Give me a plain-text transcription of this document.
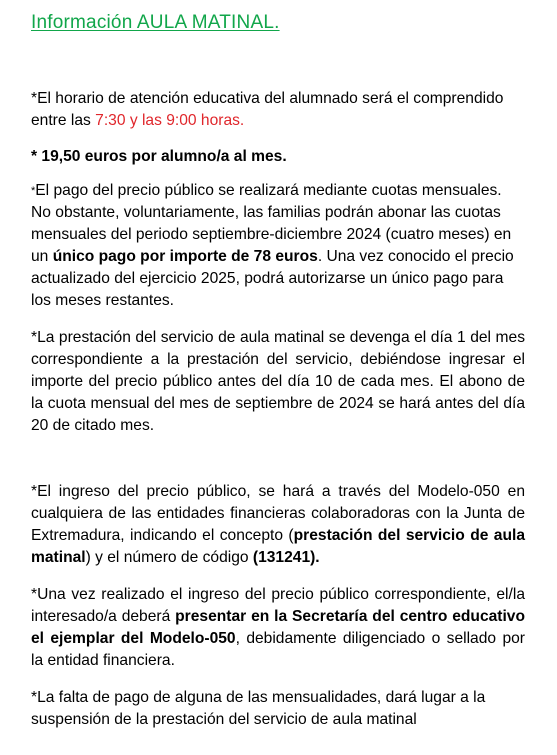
Información AULA MATINAL.

*El horario de atención educativa del alumnado será el comprendido entre las 7:30 y las 9:00 horas.

* 19,50 euros por alumno/a al mes.

*El pago del precio público se realizará mediante cuotas mensuales. No obstante, voluntariamente, las familias podrán abonar las cuotas mensuales del periodo septiembre-diciembre 2024 (cuatro meses) en un único pago por importe de 78 euros. Una vez conocido el precio actualizado del ejercicio 2025, podrá autorizarse un único pago para los meses restantes.

*La prestación del servicio de aula matinal se devenga el día 1 del mes correspondiente a la prestación del servicio, debiéndose ingresar el importe del precio público antes del día 10 de cada mes. El abono de la cuota mensual del mes de septiembre de 2024 se hará antes del día 20 de citado mes.

*El ingreso del precio público, se hará a través del Modelo-050 en cualquiera de las entidades financieras colaboradoras con la Junta de Extremadura, indicando el concepto (prestación del servicio de aula matinal) y el número de código (131241).

*Una vez realizado el ingreso del precio público correspondiente, el/la interesado/a deberá presentar en la Secretaría del centro educativo el ejemplar del Modelo-050, debidamente diligenciado o sellado por la entidad financiera.

*La falta de pago de alguna de las mensualidades, dará lugar a la suspensión de la prestación del servicio de aula matinal
